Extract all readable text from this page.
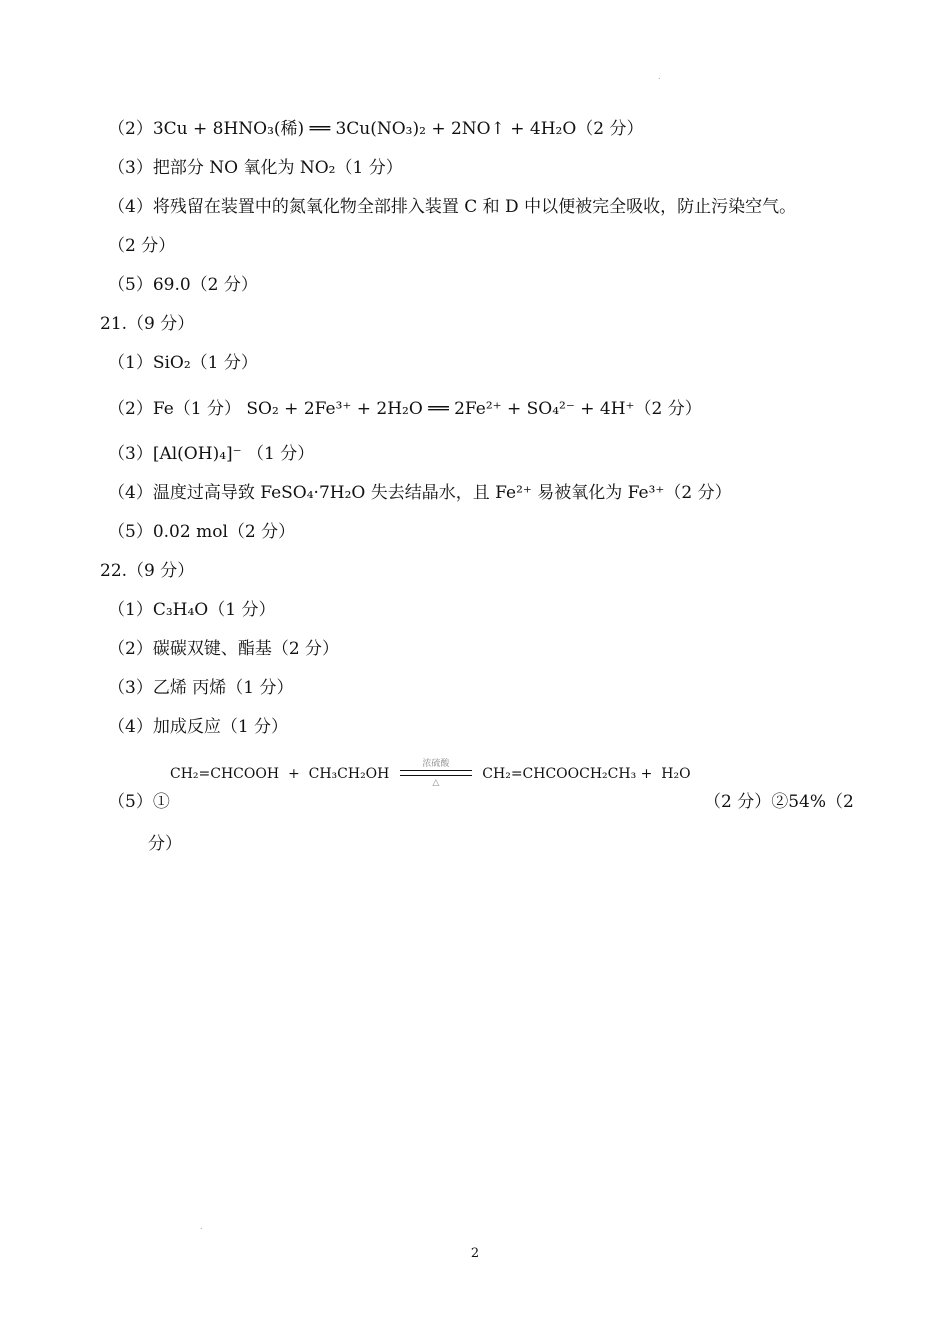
.
（2）3Cu + 8HNO₃(稀) ══ 3Cu(NO₃)₂ + 2NO↑ + 4H₂O（2 分）
（3）把部分 NO 氧化为 NO₂（1 分）
（4）将残留在装置中的氮氧化物全部排入装置 C 和 D 中以便被完全吸收，防止污染空气。
（2 分）
（5）69.0（2 分）
21.（9 分）
（1）SiO₂（1 分）
（2）Fe（1 分） SO₂ + 2Fe³⁺ + 2H₂O ══ 2Fe²⁺ + SO₄²⁻ + 4H⁺（2 分）
（3）[Al(OH)₄]⁻ （1 分）
（4）温度过高导致 FeSO₄·7H₂O 失去结晶水，且 Fe²⁺ 易被氧化为 Fe³⁺（2 分）
（5）0.02 mol（2 分）
22.（9 分）
（1）C₃H₄O（1 分）
（2）碳碳双键、酯基（2 分）
（3）乙烯 丙烯（1 分）
（4）加成反应（1 分）
CH₂=CHCOOH + CH₃CH₂OH
浓硫酸
△
CH₂=CHCOOCH₂CH₃ + H₂O
（5）①	（2 分）②54%（2
分）
.
2
